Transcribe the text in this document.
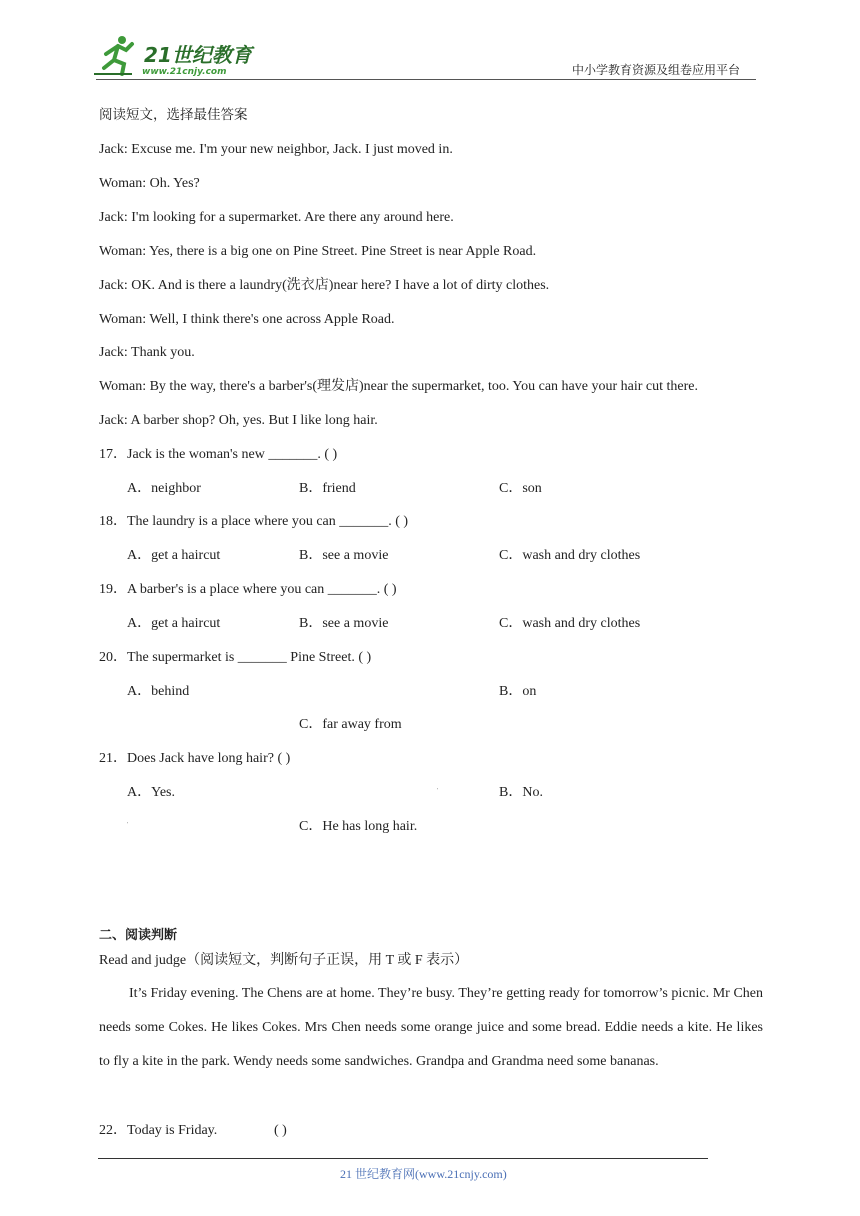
21世纪教育
www.21cnjy.com	中小学教育资源及组卷应用平台
阅读短文，选择最佳答案
Jack: Excuse me. I'm your new neighbor, Jack. I just moved in.
Woman: Oh. Yes?
Jack: I'm looking for a supermarket. Are there any around here.
Woman: Yes, there is a big one on Pine Street. Pine Street is near Apple Road.
Jack: OK. And is there a laundry(洗衣店)near here? I have a lot of dirty clothes.
Woman: Well, I think there's one across Apple Road.
Jack: Thank you.
Woman: By the way, there's a barber's(理发店)near the supermarket, too. You can have your hair cut there.
Jack: A barber shop? Oh, yes. But I like long hair.
17．Jack is the woman's new _______. ( )
A．neighbor	B．friend	C．son
18．The laundry is a place where you can _______. ( )
A．get a haircut	B．see a movie	C．wash and dry clothes
19．A barber's is a place where you can _______. ( )
A．get a haircut	B．see a movie	C．wash and dry clothes
20．The supermarket is _______ Pine Street. ( )
A．behind	B．on
C．far away from
21．Does Jack have long hair? ( )
A．Yes.	'	B．No.
'	C．He has long hair.
二、阅读判断
Read and judge（阅读短文，判断句子正误，用 T 或 F 表示）
It’s Friday evening. The Chens are at home. They’re busy. They’re getting ready for tomorrow’s picnic. Mr Chen needs some Cokes. He likes Cokes. Mrs Chen needs some orange juice and some bread. Eddie needs a kite. He likes to fly a kite in the park. Wendy needs some sandwiches. Grandpa and Grandma need some bananas.
22．Today is Friday.	( )
21 世纪教育网(www.21cnjy.com)
